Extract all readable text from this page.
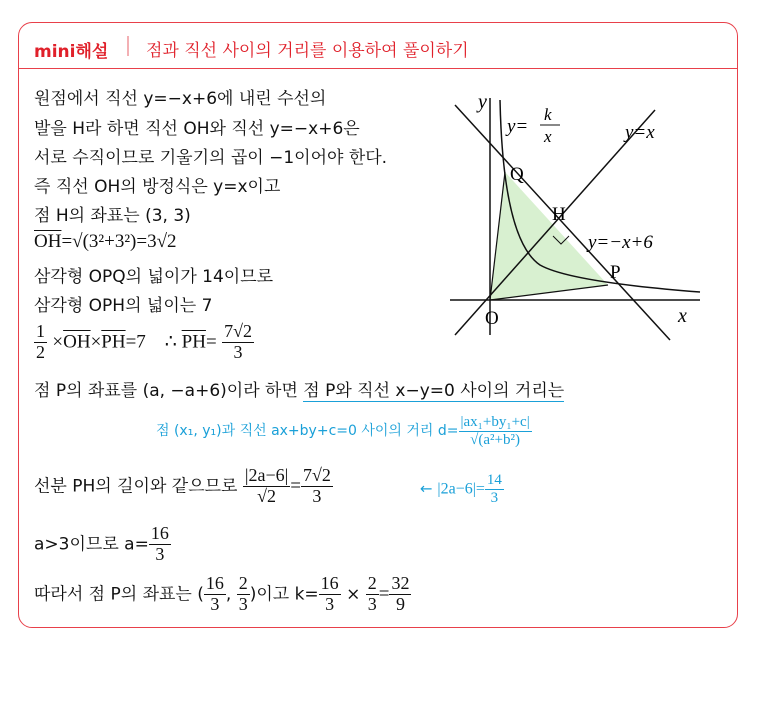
mini해설 점과 직선 사이의 거리를 이용하여 풀이하기
원점에서 직선 y=−x+6에 내린 수선의
발을 H라 하면 직선 OH와 직선 y=−x+6은
서로 수직이므로 기울기의 곱이 −1이어야 한다.
즉 직선 OH의 방정식은 y=x이고
점 H의 좌표는 (3, 3)
$\overline{OH}=√(3^2+3^2)=3√2$
삼각형 OPQ의 넓이가 14이므로
삼각형 OPH의 넓이는 7
$\frac{1}{2} \times\overline{OH}\times\overline{PH}=7$    ∴ $\overline{PH}= \frac{7√2}{3}$
점 P의 좌표를 (a, −a+6)이라 하면 점 P와 직선 x−y=0 사이의 거리는
점 (x₁, y₁)과 직선 ax+by+c=0 사이의 거리 $d= \frac{\text{|ax₁+by₁+c|}}{\text{√(a²+b²)}}$
선분 PH의 길이와 같으므로 $\frac{|2a-6|}{√2} = \frac{7√2}{3}$	← $|2a-6|= \frac{14}{3}$
a>3이므로 $a= \frac{16}{3}$
따라서 점 P의 좌표는 ( $\frac{16}{3}$ , $\frac{2}{3}$ )이고 $k= \frac{16}{3} \times \frac{2}{3} = \frac{32}{9}$
y
x
O
Q
H
P
y=
k
x	y=x
y=−x+6
